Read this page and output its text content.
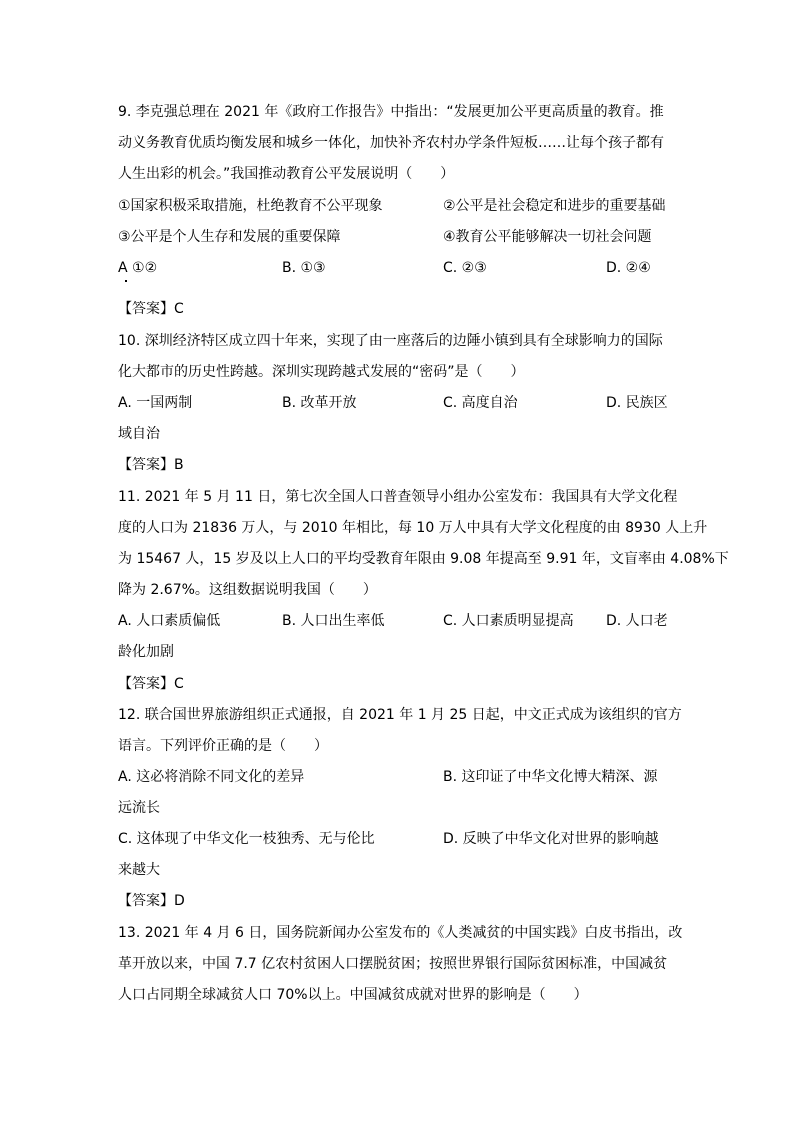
9. 李克强总理在 2021 年《政府工作报告》中指出：“发展更加公平更高质量的教育。推
动义务教育优质均衡发展和城乡一体化，加快补齐农村办学条件短板……让每个孩子都有
人生出彩的机会。”我国推动教育公平发展说明（　　）
①国家积极采取措施，杜绝教育不公平现象	②公平是社会稳定和进步的重要基础
③公平是个人生存和发展的重要保障	④教育公平能够解决一切社会问题
A ①②	B. ①③	C. ②③	D. ②④
【答案】C
10. 深圳经济特区成立四十年来，实现了由一座落后的边陲小镇到具有全球影响力的国际
化大都市的历史性跨越。深圳实现跨越式发展的“密码”是（　　）
A. 一国两制	B. 改革开放	C. 高度自治	D. 民族区
域自治
【答案】B
11. 2021 年 5 月 11 日，第七次全国人口普查领导小组办公室发布：我国具有大学文化程
度的人口为 21836 万人，与 2010 年相比，每 10 万人中具有大学文化程度的由 8930 人上升
为 15467 人，15 岁及以上人口的平均受教育年限由 9.08 年提高至 9.91 年，文盲率由 4.08%下
降为 2.67%。这组数据说明我国（　　）
A. 人口素质偏低	B. 人口出生率低	C. 人口素质明显提高 D. 人口老
龄化加剧
【答案】C
12. 联合国世界旅游组织正式通报，自 2021 年 1 月 25 日起，中文正式成为该组织的官方
语言。下列评价正确的是（　　）
A. 这必将消除不同文化的差异	B. 这印证了中华文化博大精深、源
远流长
C. 这体现了中华文化一枝独秀、无与伦比	D. 反映了中华文化对世界的影响越
来越大
【答案】D
13. 2021 年 4 月 6 日，国务院新闻办公室发布的《人类减贫的中国实践》白皮书指出，改
革开放以来，中国 7.7 亿农村贫困人口摆脱贫困；按照世界银行国际贫困标准，中国减贫
人口占同期全球减贫人口 70%以上。中国减贫成就对世界的影响是（　　）
